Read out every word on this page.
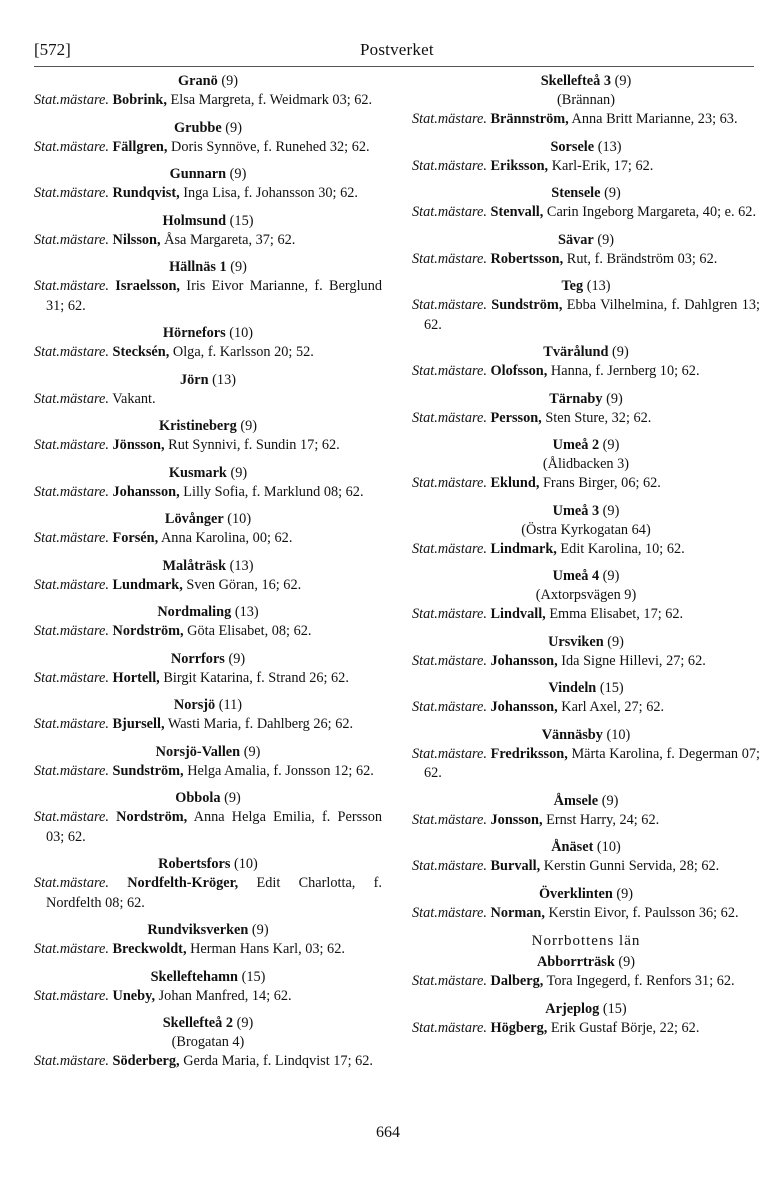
[572]	Postverket
Granö (9)
Stat.mästare. Bobrink, Elsa Margreta, f. Weidmark 03; 62.
Grubbe (9)
Stat.mästare. Fällgren, Doris Synnöve, f. Runehed 32; 62.
Gunnarn (9)
Stat.mästare. Rundqvist, Inga Lisa, f. Johansson 30; 62.
Holmsund (15)
Stat.mästare. Nilsson, Åsa Margareta, 37; 62.
Hällnäs 1 (9)
Stat.mästare. Israelsson, Iris Eivor Marianne, f. Berglund 31; 62.
Hörnefors (10)
Stat.mästare. Stecksén, Olga, f. Karlsson 20; 52.
Jörn (13)
Stat.mästare. Vakant.
Kristineberg (9)
Stat.mästare. Jönsson, Rut Synnivi, f. Sundin 17; 62.
Kusmark (9)
Stat.mästare. Johansson, Lilly Sofia, f. Marklund 08; 62.
Lövånger (10)
Stat.mästare. Forsén, Anna Karolina, 00; 62.
Malåträsk (13)
Stat.mästare. Lundmark, Sven Göran, 16; 62.
Nordmaling (13)
Stat.mästare. Nordström, Göta Elisabet, 08; 62.
Norrfors (9)
Stat.mästare. Hortell, Birgit Katarina, f. Strand 26; 62.
Norsjö (11)
Stat.mästare. Bjursell, Wasti Maria, f. Dahlberg 26; 62.
Norsjö-Vallen (9)
Stat.mästare. Sundström, Helga Amalia, f. Jonsson 12; 62.
Obbola (9)
Stat.mästare. Nordström, Anna Helga Emilia, f. Persson 03; 62.
Robertsfors (10)
Stat.mästare. Nordfelth-Kröger, Edit Charlotta, f. Nordfelth 08; 62.
Rundviksverken (9)
Stat.mästare. Breckwoldt, Herman Hans Karl, 03; 62.
Skelleftehamn (15)
Stat.mästare. Uneby, Johan Manfred, 14; 62.
Skellefteå 2 (9)
(Brogatan 4)
Stat.mästare. Söderberg, Gerda Maria, f. Lindqvist 17; 62.
Skellefteå 3 (9)
(Brännan)
Stat.mästare. Brännström, Anna Britt Marianne, 23; 63.
Sorsele (13)
Stat.mästare. Eriksson, Karl-Erik, 17; 62.
Stensele (9)
Stat.mästare. Stenvall, Carin Ingeborg Margareta, 40; e. 62.
Sävar (9)
Stat.mästare. Robertsson, Rut, f. Brändström 03; 62.
Teg (13)
Stat.mästare. Sundström, Ebba Vilhelmina, f. Dahlgren 13; 62.
Tvärålund (9)
Stat.mästare. Olofsson, Hanna, f. Jernberg 10; 62.
Tärnaby (9)
Stat.mästare. Persson, Sten Sture, 32; 62.
Umeå 2 (9)
(Ålidbacken 3)
Stat.mästare. Eklund, Frans Birger, 06; 62.
Umeå 3 (9)
(Östra Kyrkogatan 64)
Stat.mästare. Lindmark, Edit Karolina, 10; 62.
Umeå 4 (9)
(Axtorpsvägen 9)
Stat.mästare. Lindvall, Emma Elisabet, 17; 62.
Ursviken (9)
Stat.mästare. Johansson, Ida Signe Hillevi, 27; 62.
Vindeln (15)
Stat.mästare. Johansson, Karl Axel, 27; 62.
Vännäsby (10)
Stat.mästare. Fredriksson, Märta Karolina, f. Degerman 07; 62.
Åmsele (9)
Stat.mästare. Jonsson, Ernst Harry, 24; 62.
Ånäset (10)
Stat.mästare. Burvall, Kerstin Gunni Servida, 28; 62.
Överklinten (9)
Stat.mästare. Norman, Kerstin Eivor, f. Paulsson 36; 62.
Norrbottens län
Abborrträsk (9)
Stat.mästare. Dalberg, Tora Ingegerd, f. Renfors 31; 62.
Arjeplog (15)
Stat.mästare. Högberg, Erik Gustaf Börje, 22; 62.
664
